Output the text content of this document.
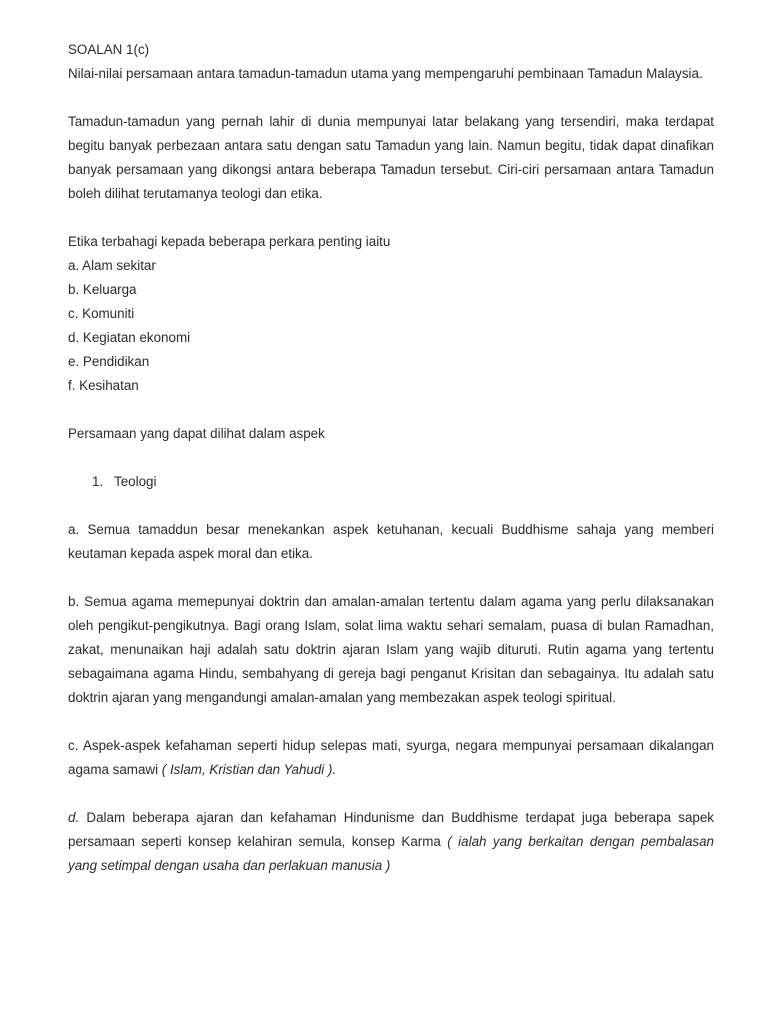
SOALAN 1(c)

Nilai-nilai persamaan antara tamadun-tamadun utama yang mempengaruhi pembinaan Tamadun Malaysia.

Tamadun-tamadun yang pernah lahir di dunia mempunyai latar belakang yang tersendiri, maka terdapat begitu banyak perbezaan antara satu dengan satu Tamadun yang lain. Namun begitu, tidak dapat dinafikan banyak persamaan yang dikongsi antara beberapa Tamadun tersebut. Ciri-ciri persamaan antara Tamadun boleh dilihat terutamanya teologi dan etika.

Etika terbahagi kepada beberapa perkara penting iaitu

a. Alam sekitar
b. Keluarga
c. Komuniti
d. Kegiatan ekonomi
e. Pendidikan
f. Kesihatan

Persamaan yang dapat dilihat dalam aspek

1. Teologi

a. Semua tamaddun besar menekankan aspek ketuhanan, kecuali Buddhisme sahaja yang memberi keutaman kepada aspek moral dan etika.

b. Semua agama memepunyai doktrin dan amalan-amalan tertentu dalam agama yang perlu dilaksanakan oleh pengikut-pengikutnya. Bagi orang Islam, solat lima waktu sehari semalam, puasa di bulan Ramadhan, zakat, menunaikan haji adalah satu doktrin ajaran Islam yang wajib dituruti. Rutin agama yang tertentu sebagaimana agama Hindu, sembahyang di gereja bagi penganut Krisitan dan sebagainya. Itu adalah satu doktrin ajaran yang mengandungi amalan-amalan yang membezakan aspek teologi spiritual.

c. Aspek-aspek kefahaman seperti hidup selepas mati, syurga, negara mempunyai persamaan dikalangan agama samawi ( Islam, Kristian dan Yahudi ).

d. Dalam beberapa ajaran dan kefahaman Hindunisme dan Buddhisme terdapat juga beberapa sapek persamaan seperti konsep kelahiran semula, konsep Karma ( ialah yang berkaitan dengan pembalasan yang setimpal dengan usaha dan perlakuan manusia )
